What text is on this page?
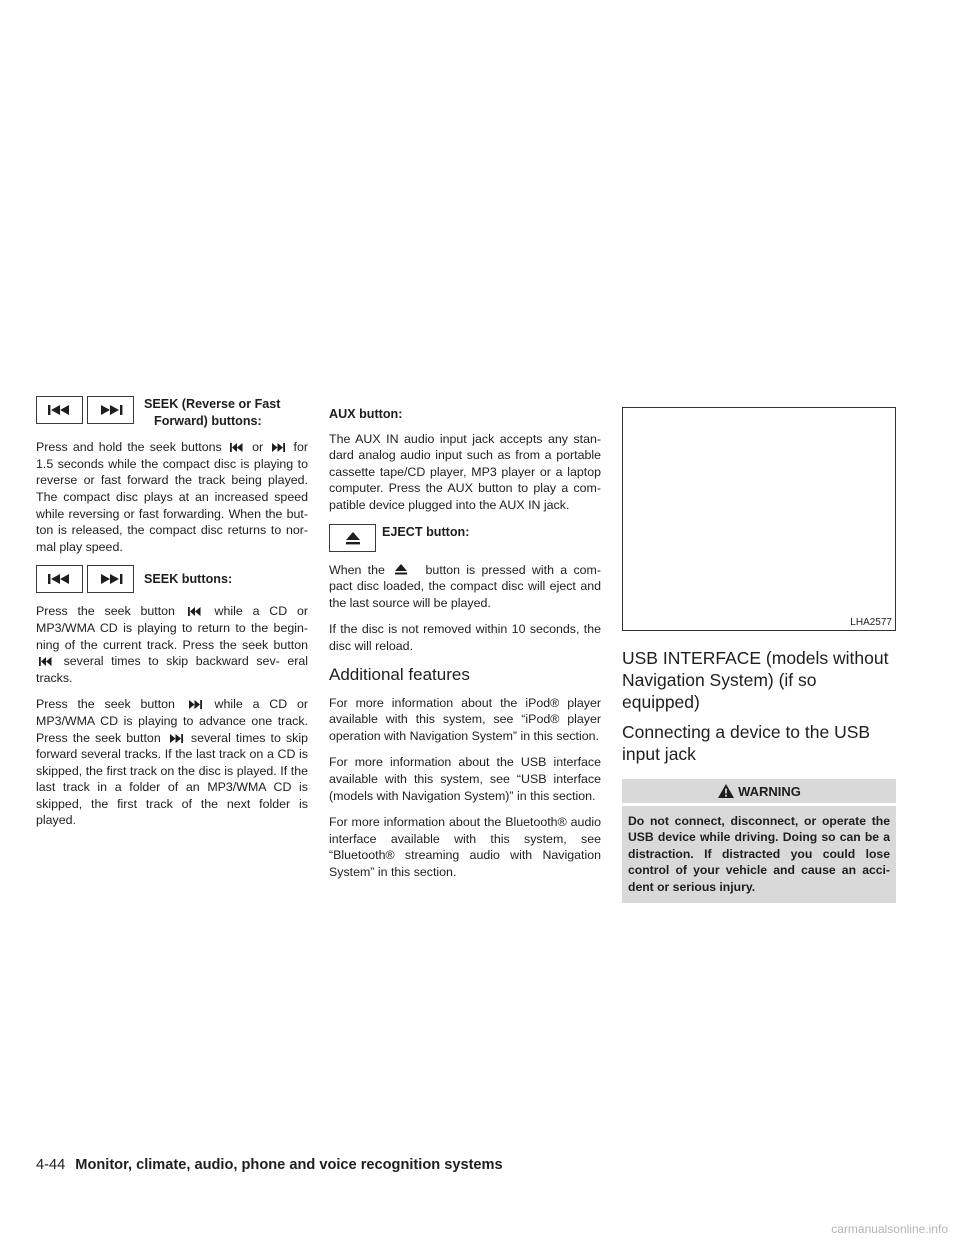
SEEK (Reverse or Fast
Forward) buttons:

Press and hold the seek buttons or for 1.5 seconds while the compact disc is playing to reverse or fast forward the track being played. The compact disc plays at an increased speed while reversing or fast forwarding. When the but- ton is released, the compact disc returns to nor- mal play speed.

SEEK buttons:

Press the seek button	while a CD or MP3/WMA CD is playing to return to the begin- ning of the current track. Press the seek button
several times to skip backward sev- eral tracks.

Press the seek button	while a CD or MP3/WMA CD is playing to advance one track. Press the seek button several times to skip forward several tracks. If the last track on a CD is skipped, the first track on the disc is played. If the last track in a folder of an MP3/WMA CD is skipped, the first track of the next folder is played.

AUX button:

The AUX IN audio input jack accepts any stan- dard analog audio input such as from a portable cassette tape/CD player, MP3 player or a laptop computer. Press the AUX button to play a com- patible device plugged into the AUX IN jack.

EJECT button:

When the	button is pressed with a com- pact disc loaded, the compact disc will eject and the last source will be played.

If the disc is not removed within 10 seconds, the disc will reload.

Additional features

For more information about the iPod® player available with this system, see “iPod® player operation with Navigation System” in this section.

For more information about the USB interface available with this system, see “USB interface (models with Navigation System)” in this section.

For more information about the Bluetooth® audio interface available with this system, see “Bluetooth® streaming audio with Navigation System” in this section.

LHA2577
USB INTERFACE (models without Navigation System) (if so equipped)
Connecting a device to the USB input jack
WARNING
Do not connect, disconnect, or operate the USB device while driving. Doing so can be a distraction. If distracted you could lose control of your vehicle and cause an acci- dent or serious injury.
4-44 Monitor, climate, audio, phone and voice recognition systems
carmanualsonline.info
